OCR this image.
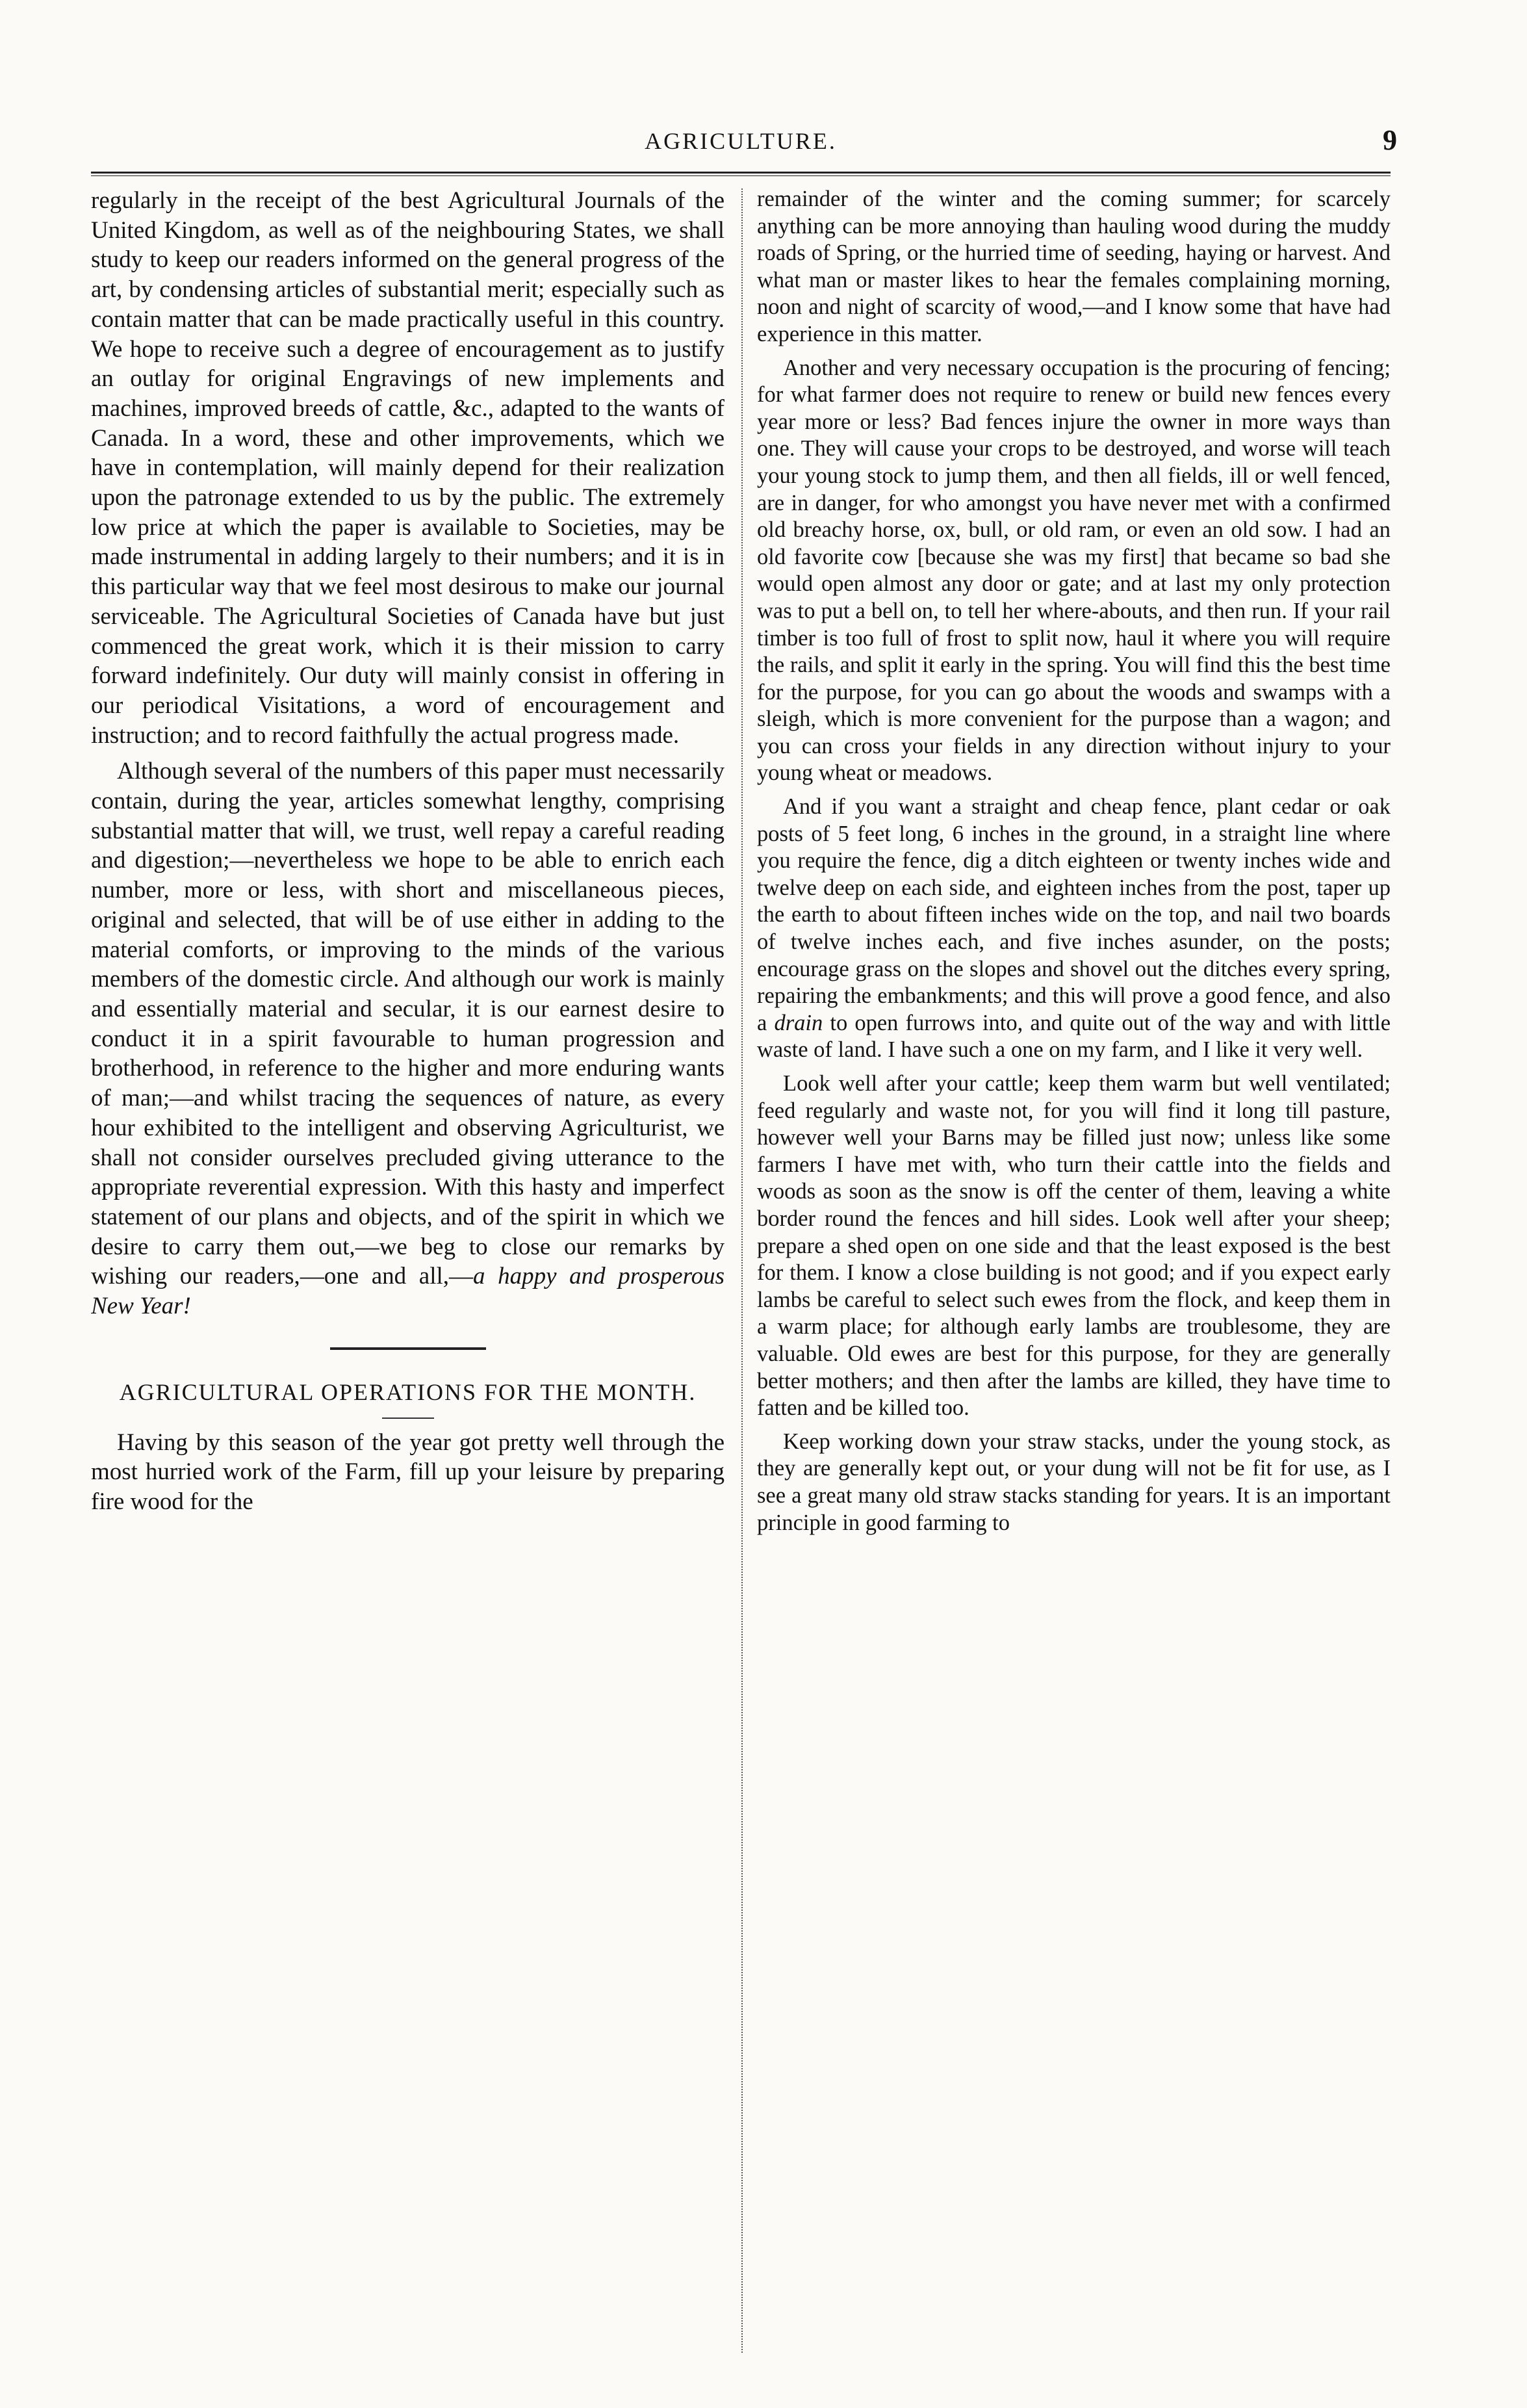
AGRICULTURE.	9

regularly in the receipt of the best Agricultural Journals of the United Kingdom, as well as of the neighbouring States, we shall study to keep our readers informed on the general progress of the art, by condensing articles of substantial merit; especially such as contain matter that can be made practically useful in this country. We hope to receive such a degree of encouragement as to justify an outlay for original Engravings of new implements and machines, improved breeds of cattle, &c., adapted to the wants of Canada. In a word, these and other improvements, which we have in contemplation, will mainly depend for their realization upon the patronage extended to us by the public. The extremely low price at which the paper is available to Societies, may be made instrumental in adding largely to their numbers; and it is in this particular way that we feel most desirous to make our journal serviceable. The Agricultural Societies of Canada have but just commenced the great work, which it is their mission to carry forward indefinitely. Our duty will mainly consist in offering in our periodical Visitations, a word of encouragement and instruction; and to record faithfully the actual progress made.

Although several of the numbers of this paper must necessarily contain, during the year, articles somewhat lengthy, comprising substantial matter that will, we trust, well repay a careful reading and digestion;—nevertheless we hope to be able to enrich each number, more or less, with short and miscellaneous pieces, original and selected, that will be of use either in adding to the material comforts, or improving to the minds of the various members of the domestic circle. And although our work is mainly and essentially material and secular, it is our earnest desire to conduct it in a spirit favourable to human progression and brotherhood, in reference to the higher and more enduring wants of man;—and whilst tracing the sequences of nature, as every hour exhibited to the intelligent and observing Agriculturist, we shall not consider ourselves precluded giving utterance to the appropriate reverential expression. With this hasty and imperfect statement of our plans and objects, and of the spirit in which we desire to carry them out,—we beg to close our remarks by wishing our readers,—one and all,—a happy and prosperous New Year!

AGRICULTURAL OPERATIONS FOR THE MONTH.

Having by this season of the year got pretty well through the most hurried work of the Farm, fill up your leisure by preparing fire wood for the

remainder of the winter and the coming summer; for scarcely anything can be more annoying than hauling wood during the muddy roads of Spring, or the hurried time of seeding, haying or harvest. And what man or master likes to hear the females complaining morning, noon and night of scarcity of wood,—and I know some that have had experience in this matter.

Another and very necessary occupation is the procuring of fencing; for what farmer does not require to renew or build new fences every year more or less? Bad fences injure the owner in more ways than one. They will cause your crops to be destroyed, and worse will teach your young stock to jump them, and then all fields, ill or well fenced, are in danger, for who amongst you have never met with a confirmed old breachy horse, ox, bull, or old ram, or even an old sow. I had an old favorite cow [because she was my first] that became so bad she would open almost any door or gate; and at last my only protection was to put a bell on, to tell her where-abouts, and then run. If your rail timber is too full of frost to split now, haul it where you will require the rails, and split it early in the spring. You will find this the best time for the purpose, for you can go about the woods and swamps with a sleigh, which is more convenient for the purpose than a wagon; and you can cross your fields in any direction without injury to your young wheat or meadows.

And if you want a straight and cheap fence, plant cedar or oak posts of 5 feet long, 6 inches in the ground, in a straight line where you require the fence, dig a ditch eighteen or twenty inches wide and twelve deep on each side, and eighteen inches from the post, taper up the earth to about fifteen inches wide on the top, and nail two boards of twelve inches each, and five inches asunder, on the posts; encourage grass on the slopes and shovel out the ditches every spring, repairing the embankments; and this will prove a good fence, and also a drain to open furrows into, and quite out of the way and with little waste of land. I have such a one on my farm, and I like it very well.

Look well after your cattle; keep them warm but well ventilated; feed regularly and waste not, for you will find it long till pasture, however well your Barns may be filled just now; unless like some farmers I have met with, who turn their cattle into the fields and woods as soon as the snow is off the center of them, leaving a white border round the fences and hill sides. Look well after your sheep; prepare a shed open on one side and that the least exposed is the best for them. I know a close building is not good; and if you expect early lambs be careful to select such ewes from the flock, and keep them in a warm place; for although early lambs are troublesome, they are valuable. Old ewes are best for this purpose, for they are generally better mothers; and then after the lambs are killed, they have time to fatten and be killed too.

Keep working down your straw stacks, under the young stock, as they are generally kept out, or your dung will not be fit for use, as I see a great many old straw stacks standing for years. It is an important principle in good farming to
